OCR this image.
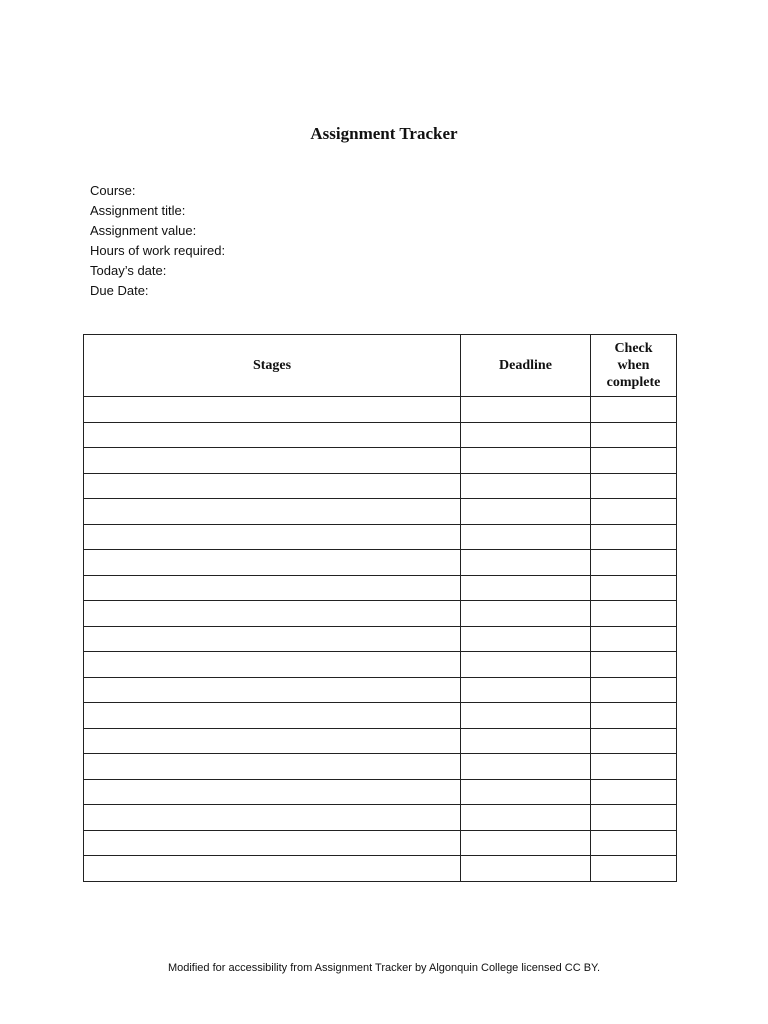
Assignment Tracker
Course:
Assignment title:
Assignment value:
Hours of work required:
Today’s date:
Due Date:
Stages	Deadline	Check
when
complete

Modified for accessibility from Assignment Tracker by Algonquin College licensed CC BY.
